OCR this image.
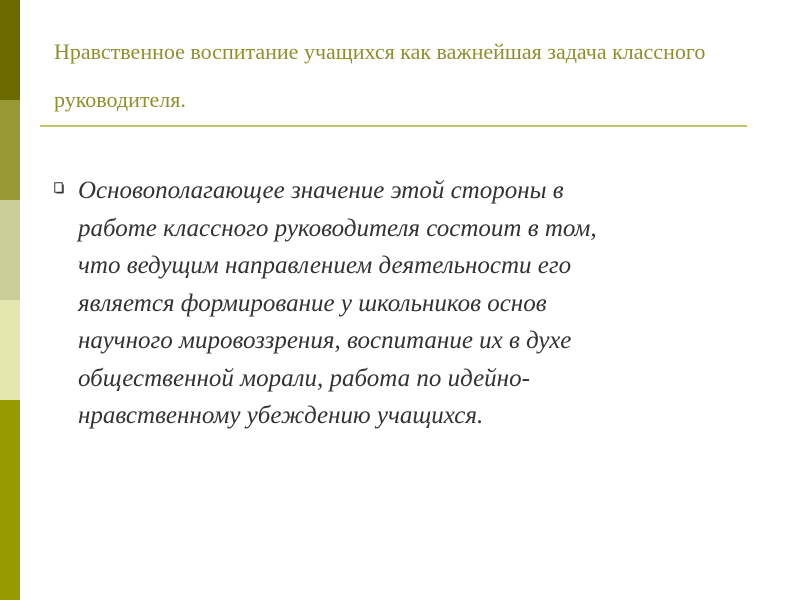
Нравственное воспитание учащихся как важнейшая задача классного руководителя.
Основополагающее значение этой стороны в
работе классного руководителя состоит в том,
что ведущим направлением деятельности его
является формирование у школьников основ
научного мировоззрения, воспитание их в духе
общественной морали, работа по идейно-
нравственному убеждению учащихся.
